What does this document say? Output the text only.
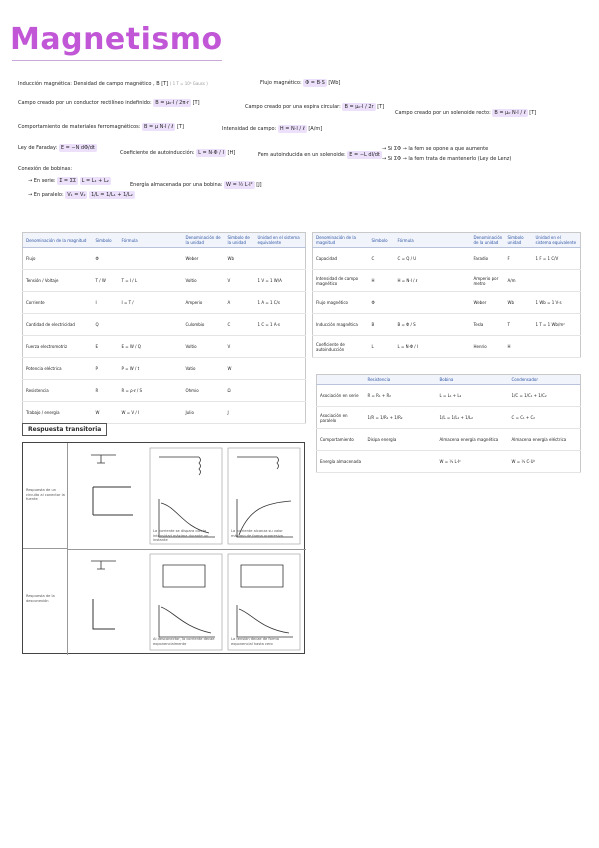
Magnetismo
Inducción magnética: Densidad de campo magnético , B [T] ( 1 T = 10⁴ Gauss )	Flujo magnético: Φ = B·S [Wb]
Campo creado por un conductor rectilíneo indefinido: B = μ₀·I / 2π·r [T]
Campo creado por una espira circular: B = μ₀·I / 2r [T]
Campo creado por un solenoide recto: B = μ₀ N·I / ℓ [T]
Comportamiento de materiales ferromagnéticos: B = μ N·I / ℓ [T]	Intensidad de campo: H = N·I / ℓ [A/m]
Ley de Faraday: E = −N dΦ/dt
Coeficiente de autoinducción: L = N·Φ / I [H]	Fem autoinducida en un solenoide: E = −L dI/dt
→ Si ΣΦ → la fem se opone a que aumente
→ Si ΣΦ → la fem trata de mantenerlo (Ley de Lenz)
Conexión de bobinas:
→ En serie: Σ = ΣΣ L = L₁ + L₂
→ En paralelo: V₁ = V₂ 1/L = 1/L₁ + 1/L₂
Energía almacenada por una bobina: W = ½ L·I² [J]
Denominación de la magnitud	Símbolo	Fórmula	Denominación de la unidad	Símbolo de la unidad	Unidad en el sistema equivalente
Flujo	Φ		Weber	Wb	
Tensión / Voltaje	T / W	T = I / L	Voltio	V	1 V = 1 W/A
Corriente	I	I = T /	Amperio	A	1 A = 1 C/s
Cantidad de electricidad	Q		Culombio	C	1 C = 1 A·s
Fuerza electromotriz	E	E = W / Q	Voltio	V	
Potencia eléctrica	P	P = W / t	Vatio	W	
Resistencia	R	R = ρ·ℓ / S	Ohmio	Ω	
Trabajo / energía	W	W = V / I	Julio	J	
Denominación de la magnitud	Símbolo	Fórmula	Denominación de la unidad	Símbolo unidad	Unidad en el sistema equivalente
Capacidad	C	C = Q / U	Faradio	F	1 F = 1 C/V
Intensidad de campo magnético	H	H = N·I / ℓ	Amperio por metro	A/m	
Flujo magnético	Φ		Weber	Wb	1 Wb = 1 V·s
Inducción magnética	B	B = Φ / S	Tesla	T	1 T = 1 Wb/m²
Coeficiente de autoinducción	L	L = N·Φ / I	Henrio	H	
	Resistencia	Bobina	Condensador
Asociación en serie	R = R₁ + R₂	L = L₁ + L₂	1/C = 1/C₁ + 1/C₂
Asociación en paralelo	1/R = 1/R₁ + 1/R₂	1/L = 1/L₁ + 1/L₂	C = C₁ + C₂
Comportamiento	Disipa energía	Almacena energía magnética	Almacena energía eléctrica
Energía almacenada		W = ½ L·I²	W = ½ C·U²
Respuesta transitoria
Respuesta de un circuito al conectar la fuente
Respuesta de la desconexión
La corriente se dispara con la intensidad máxima durante un instante
La corriente alcanza su valor máximo de forma progresiva
Al desconectar, la corriente decae exponencialmente
La tensión decae de forma exponencial hasta cero
